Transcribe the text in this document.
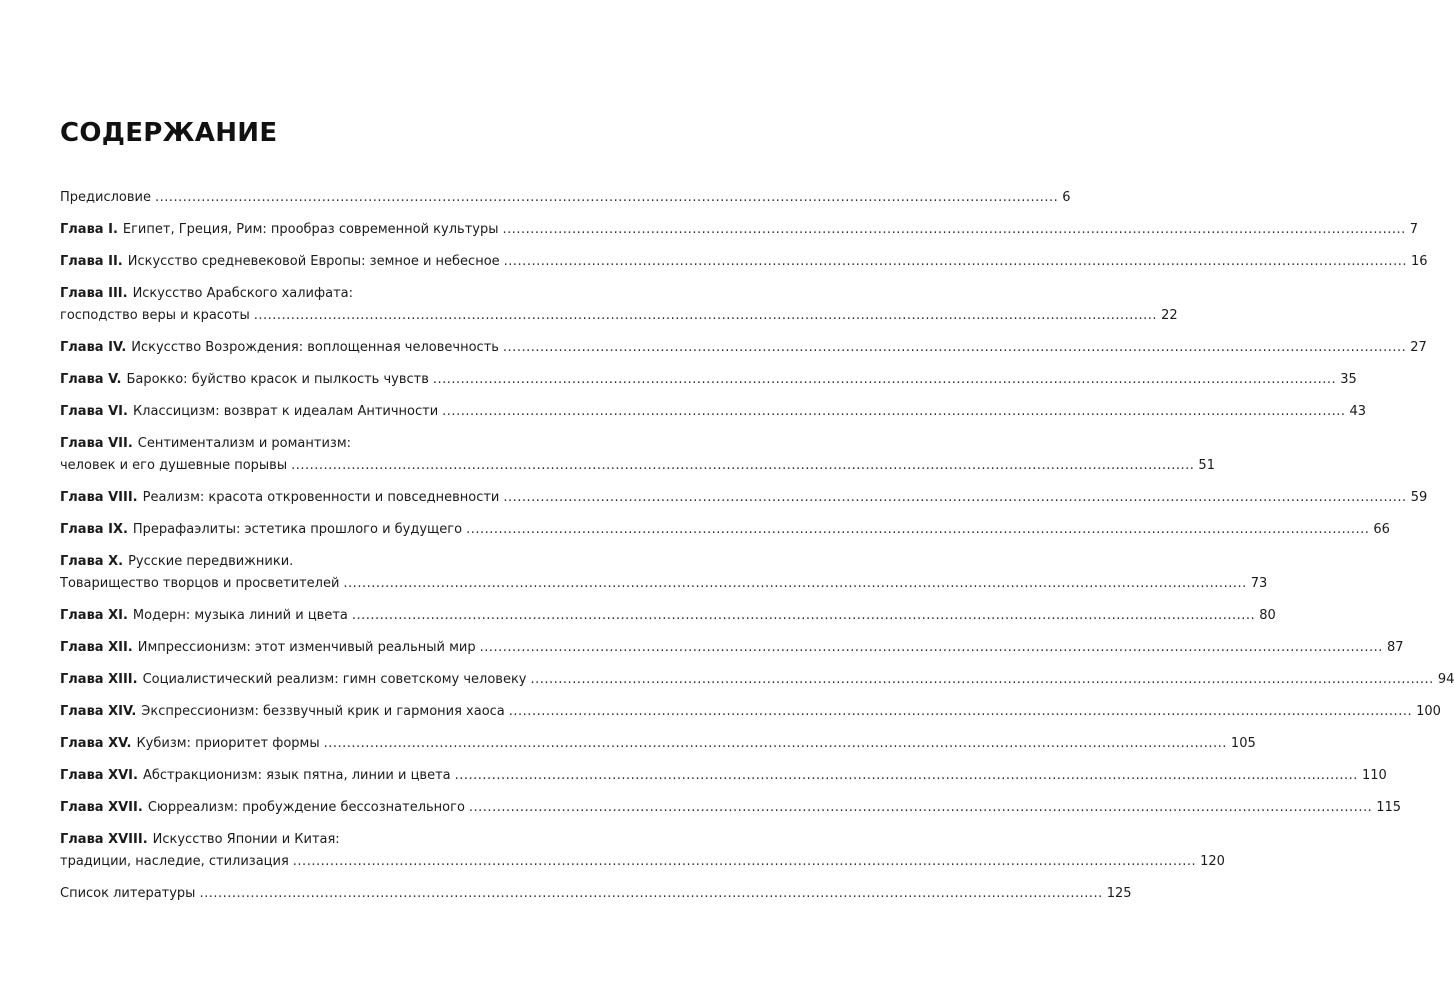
СОДЕРЖАНИЕ
Предисловие .....	6
Глава I. Египет, Греция, Рим: прообраз современной культуры .....	7
Глава II. Искусство средневековой Европы: земное и небесное .....	16
Глава III. Искусство Арабского халифата:
господство веры и красоты .....	22
Глава IV. Искусство Возрождения: воплощенная человечность .....	27
Глава V. Барокко: буйство красок и пылкость чувств .....	35
Глава VI. Классицизм: возврат к идеалам Античности .....	43
Глава VII. Сентиментализм и романтизм:
человек и его душевные порывы .....	51
Глава VIII. Реализм: красота откровенности и повседневности .....	59
Глава IX. Прерафаэлиты: эстетика прошлого и будущего .....	66
Глава X. Русские передвижники.
Товарищество творцов и просветителей .....	73
Глава XI. Модерн: музыка линий и цвета .....	80
Глава XII. Импрессионизм: этот изменчивый реальный мир .....	87
Глава XIII. Социалистический реализм: гимн советскому человеку .....	94
Глава XIV. Экспрессионизм: беззвучный крик и гармония хаоса .....	100
Глава XV. Кубизм: приоритет формы .....	105
Глава XVI. Абстракционизм: язык пятна, линии и цвета .....	110
Глава XVII. Сюрреализм: пробуждение бессознательного .....	115
Глава XVIII. Искусство Японии и Китая:
традиции, наследие, стилизация .....	120
Список литературы .....	125
